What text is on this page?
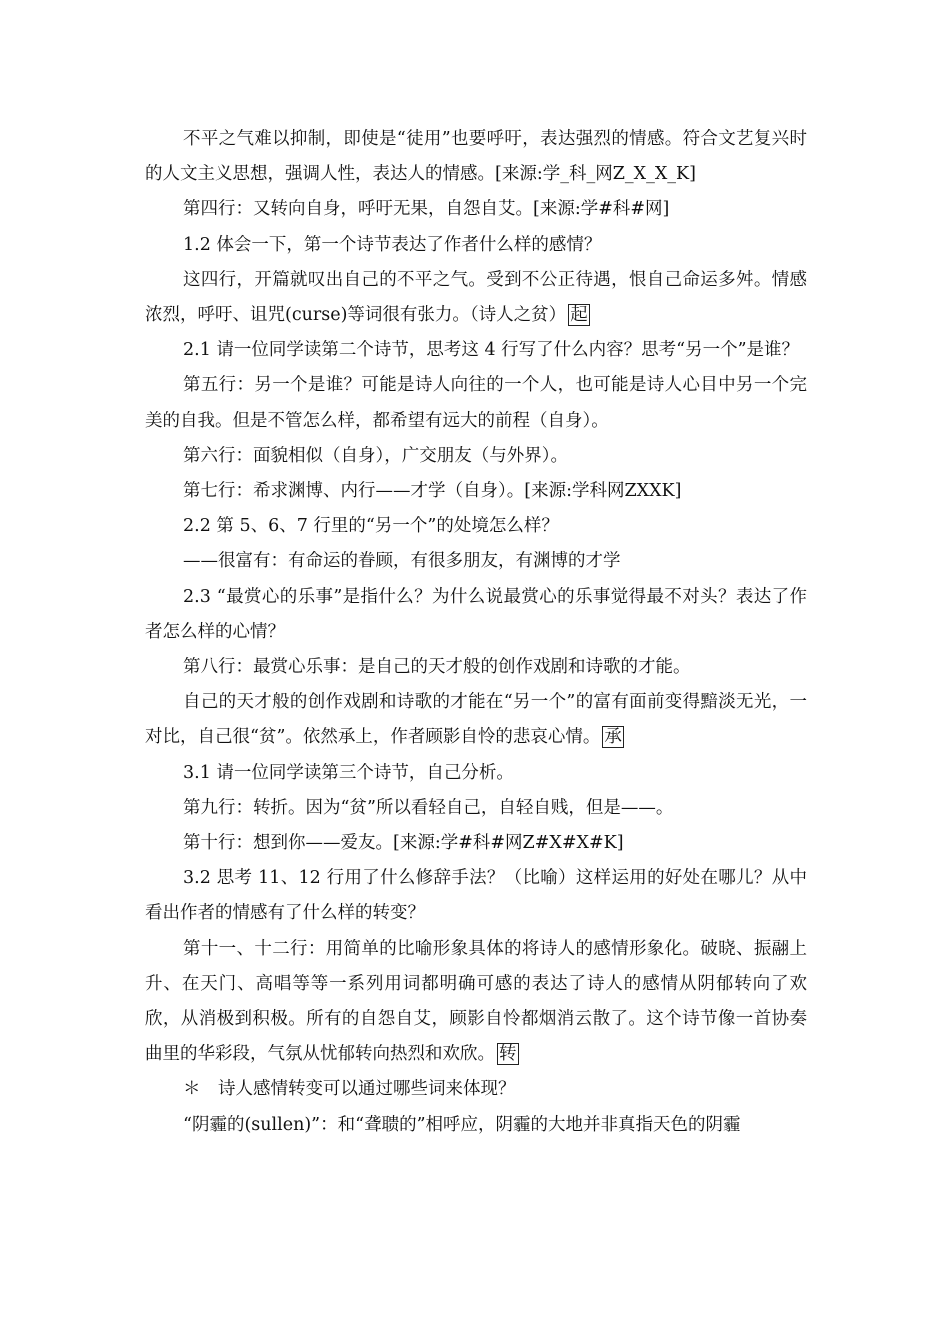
不平之气难以抑制，即使是“徒用”也要呼吁，表达强烈的情感。符合文艺复兴时的人文主义思想，强调人性，表达人的情感。[来源:学_科_网Z_X_X_K]

第四行：又转向自身，呼吁无果，自怨自艾。[来源:学#科#网]

1.2 体会一下，第一个诗节表达了作者什么样的感情？

这四行，开篇就叹出自己的不平之气。受到不公正待遇，恨自己命运多舛。情感浓烈，呼吁、诅咒(curse)等词很有张力。（诗人之贫） 起

2.1 请一位同学读第二个诗节，思考这 4 行写了什么内容？思考“另一个”是谁？

第五行：另一个是谁？可能是诗人向往的一个人，也可能是诗人心目中另一个完美的自我。但是不管怎么样，都希望有远大的前程（自身）。

第六行：面貌相似（自身），广交朋友（与外界）。

第七行：希求渊博、内行——才学（自身）。[来源:学科网ZXXK]

2.2 第 5、6、7 行里的“另一个”的处境怎么样？

——很富有：有命运的眷顾，有很多朋友，有渊博的才学

2.3 “最赏心的乐事”是指什么？为什么说最赏心的乐事觉得最不对头？表达了作者怎么样的心情？

第八行：最赏心乐事：是自己的天才般的创作戏剧和诗歌的才能。

自己的天才般的创作戏剧和诗歌的才能在“另一个”的富有面前变得黯淡无光，一对比，自己很“贫”。依然承上，作者顾影自怜的悲哀心情。 承

3.1 请一位同学读第三个诗节，自己分析。

第九行：转折。因为“贫”所以看轻自己，自轻自贱，但是——。

第十行：想到你——爱友。[来源:学#科#网Z#X#X#K]

3.2 思考 11、12 行用了什么修辞手法？（比喻）这样运用的好处在哪儿？从中看出作者的情感有了什么样的转变？

第十一、十二行：用简单的比喻形象具体的将诗人的感情形象化。破晓、振翮上升、在天门、高唱等等一系列用词都明确可感的表达了诗人的感情从阴郁转向了欢欣，从消极到积极。所有的自怨自艾，顾影自怜都烟消云散了。这个诗节像一首协奏曲里的华彩段，气氛从忧郁转向热烈和欢欣。 转

＊　诗人感情转变可以通过哪些词来体现？

“阴霾的(sullen)”：和“聋聩的”相呼应，阴霾的大地并非真指天色的阴霾
